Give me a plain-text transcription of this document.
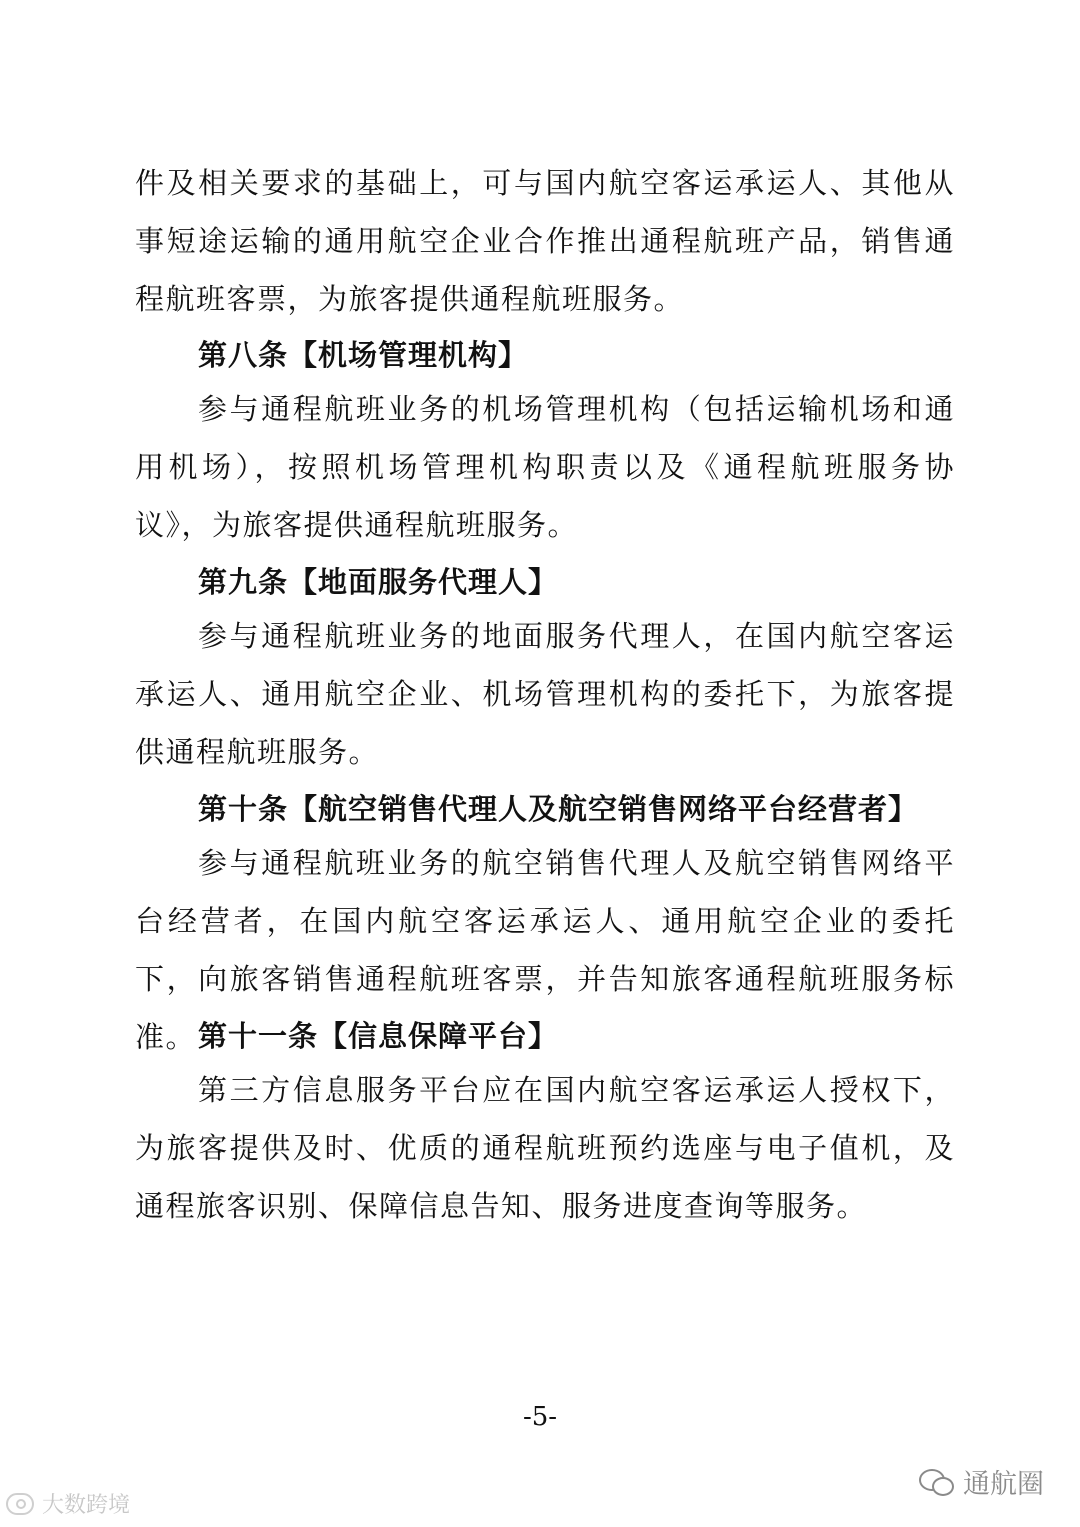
件及相关要求的基础上，可与国内航空客运承运人、其他从事短途运输的通用航空企业合作推出通程航班产品，销售通程航班客票，为旅客提供通程航班服务。

第八条【机场管理机构】

参与通程航班业务的机场管理机构（包括运输机场和通用机场），按照机场管理机构职责以及《通程航班服务协议》，为旅客提供通程航班服务。

第九条【地面服务代理人】

参与通程航班业务的地面服务代理人，在国内航空客运承运人、通用航空企业、机场管理机构的委托下，为旅客提供通程航班服务。

第十条【航空销售代理人及航空销售网络平台经营者】

参与通程航班业务的航空销售代理人及航空销售网络平台经营者，在国内航空客运承运人、通用航空企业的委托下，向旅客销售通程航班客票，并告知旅客通程航班服务标准。 第十一条【信息保障平台】

第三方信息服务平台应在国内航空客运承运人授权下，为旅客提供及时、优质的通程航班预约选座与电子值机，及通程旅客识别、保障信息告知、服务进度查询等服务。

-5-
大数跨境
通航圈
